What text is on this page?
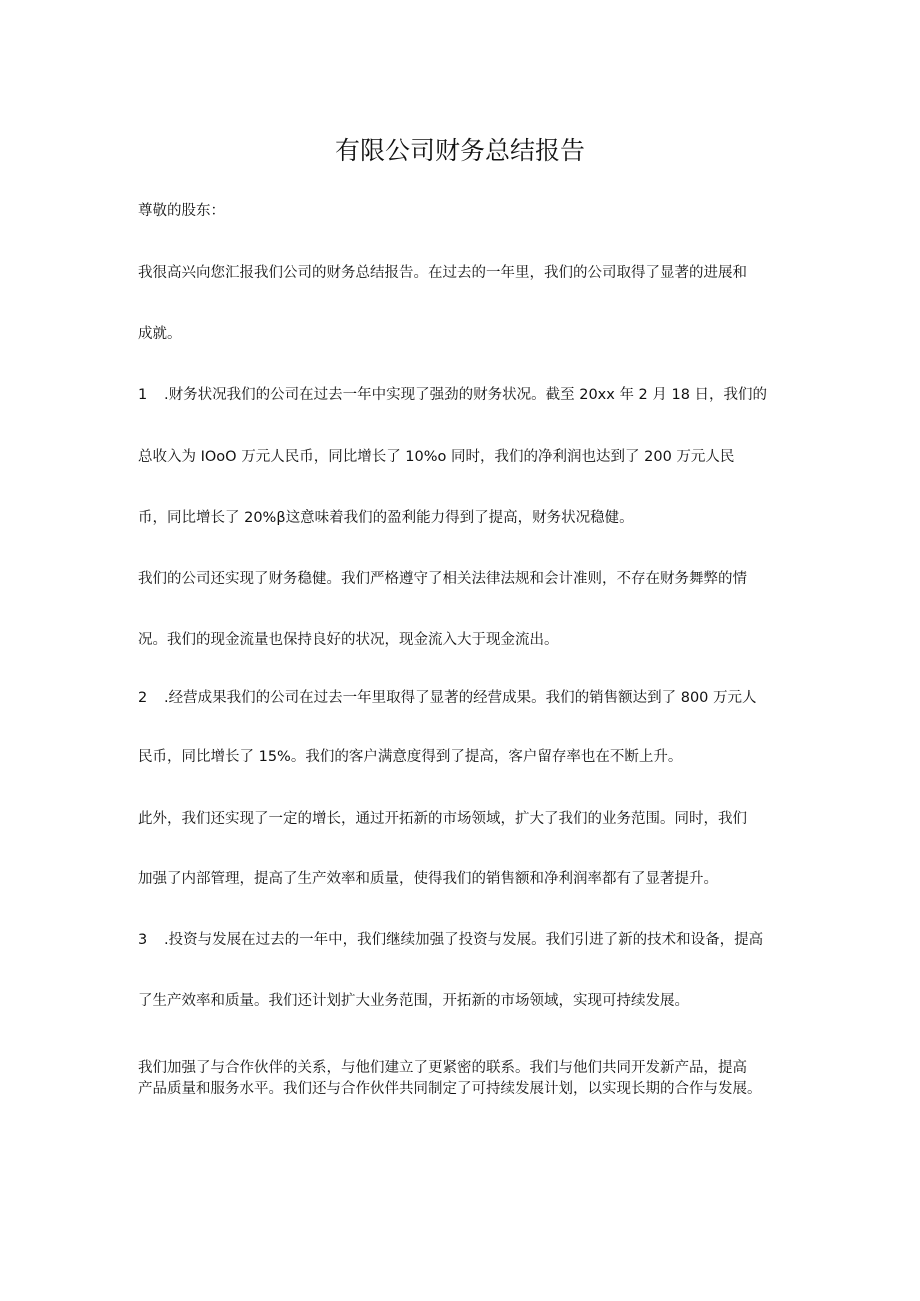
有限公司财务总结报告

尊敬的股东：

我很高兴向您汇报我们公司的财务总结报告。在过去的一年里，我们的公司取得了显著的进展和

成就。

1 .财务状况我们的公司在过去一年中实现了强劲的财务状况。截至 20xx 年 2 月 18 日，我们的

总收入为 IOoO 万元人民币，同比增长了 10%o 同时，我们的净利润也达到了 200 万元人民

币，同比增长了 20%β这意味着我们的盈利能力得到了提高，财务状况稳健。

我们的公司还实现了财务稳健。我们严格遵守了相关法律法规和会计准则，不存在财务舞弊的情

况。我们的现金流量也保持良好的状况，现金流入大于现金流出。

2 .经营成果我们的公司在过去一年里取得了显著的经营成果。我们的销售额达到了 800 万元人

民币，同比增长了 15%。我们的客户满意度得到了提高，客户留存率也在不断上升。

此外，我们还实现了一定的增长，通过开拓新的市场领域，扩大了我们的业务范围。同时，我们

加强了内部管理，提高了生产效率和质量，使得我们的销售额和净利润率都有了显著提升。

3 .投资与发展在过去的一年中，我们继续加强了投资与发展。我们引进了新的技术和设备，提高

了生产效率和质量。我们还计划扩大业务范围，开拓新的市场领域，实现可持续发展。

我们加强了与合作伙伴的关系，与他们建立了更紧密的联系。我们与他们共同开发新产品，提高

产品质量和服务水平。我们还与合作伙伴共同制定了可持续发展计划，以实现长期的合作与发展。
